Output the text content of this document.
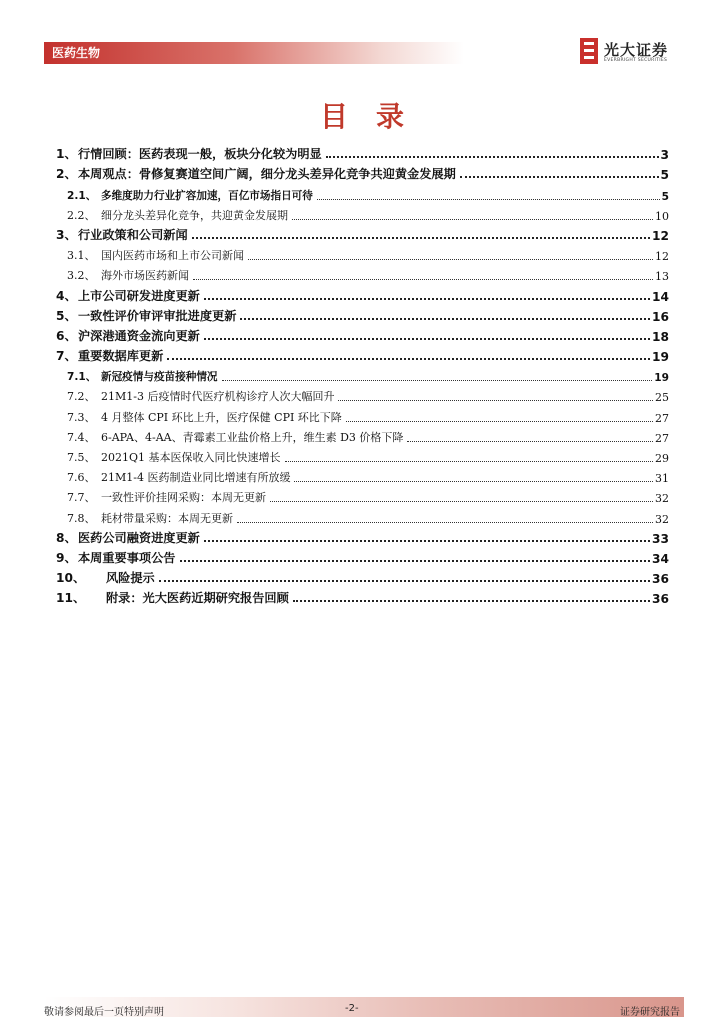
医药生物	光大证券
EVERBRIGHT SECURITIES
目录
1、 行情回顾：医药表现一般，板块分化较为明显	3
2、 本周观点：骨修复赛道空间广阔，细分龙头差异化竞争共迎黄金发展期	5
2.1、 多维度助力行业扩容加速，百亿市场指日可待	5
2.2、 细分龙头差异化竞争，共迎黄金发展期	10
3、 行业政策和公司新闻	12
3.1、 国内医药市场和上市公司新闻	12
3.2、 海外市场医药新闻	13
4、 上市公司研发进度更新	14
5、 一致性评价审评审批进度更新	16
6、 沪深港通资金流向更新	18
7、 重要数据库更新	19
7.1、 新冠疫情与疫苗接种情况	19
7.2、 21M1-3 后疫情时代医疗机构诊疗人次大幅回升	25
7.3、 4 月整体 CPI 环比上升，医疗保健 CPI 环比下降	27
7.4、 6-APA、4-AA、青霉素工业盐价格上升，维生素 D3 价格下降	27
7.5、 2021Q1 基本医保收入同比快速增长	29
7.6、 21M1-4 医药制造业同比增速有所放缓	31
7.7、 一致性评价挂网采购：本周无更新	32
7.8、 耗材带量采购：本周无更新	32
8、 医药公司融资进度更新	33
9、 本周重要事项公告	34
10、	风险提示	36
11、	附录：光大医药近期研究报告回顾	36
敬请参阅最后一页特别声明	-2-	证券研究报告
